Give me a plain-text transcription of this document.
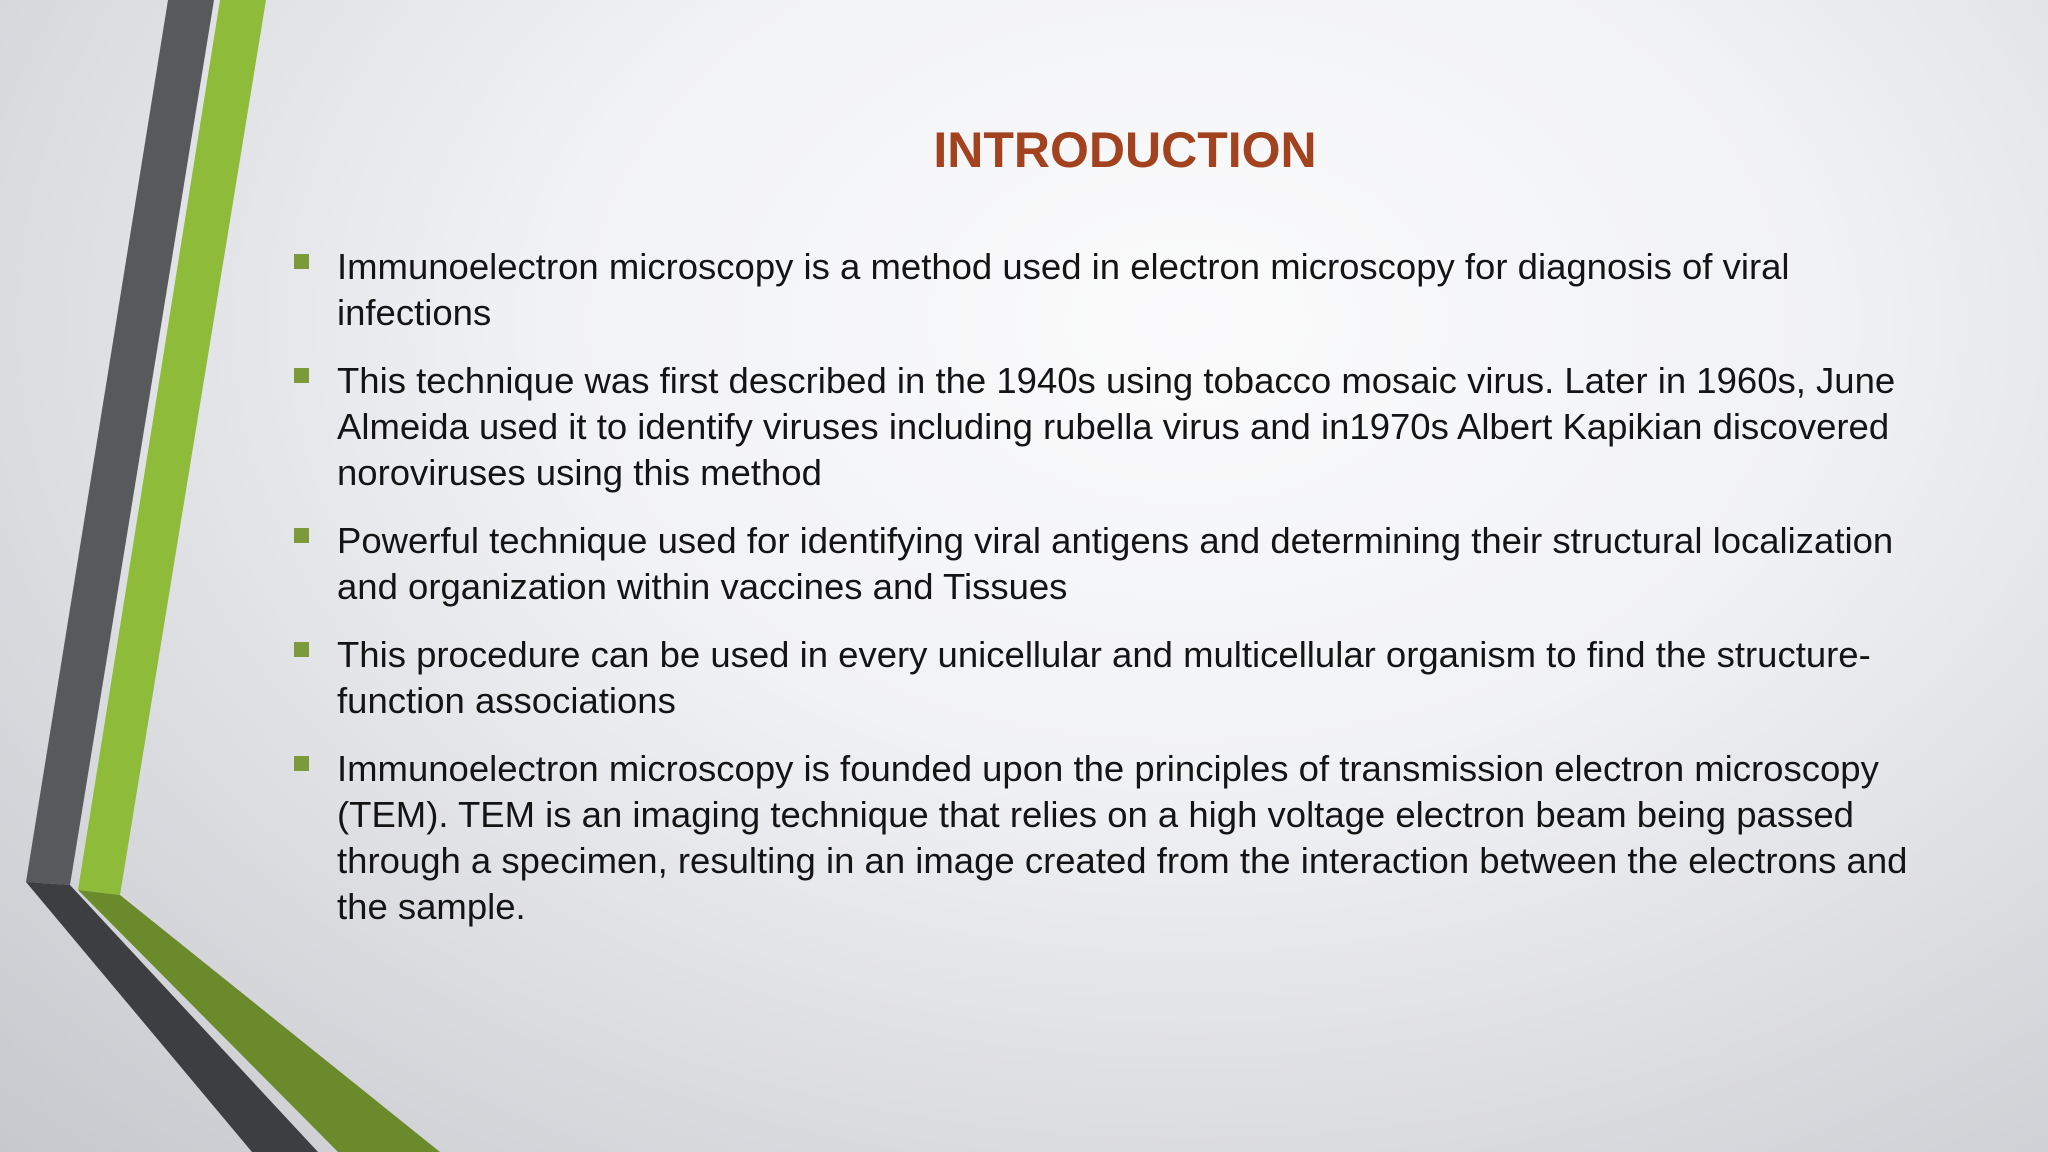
INTRODUCTION
Immunoelectron microscopy is a method used in electron microscopy for diagnosis of viral infections
This technique was first described in the 1940s using tobacco mosaic virus. Later in 1960s, June Almeida used it to identify viruses including rubella virus and in1970s Albert Kapikian discovered noroviruses using this method
Powerful technique used for identifying viral antigens and determining their structural localization and organization within vaccines and Tissues
This procedure can be used in every unicellular and multicellular organism to find the structure-function associations
Immunoelectron microscopy is founded upon the principles of transmission electron microscopy (TEM). TEM is an imaging technique that relies on a high voltage electron beam being passed through a specimen, resulting in an image created from the interaction between the electrons and the sample.
